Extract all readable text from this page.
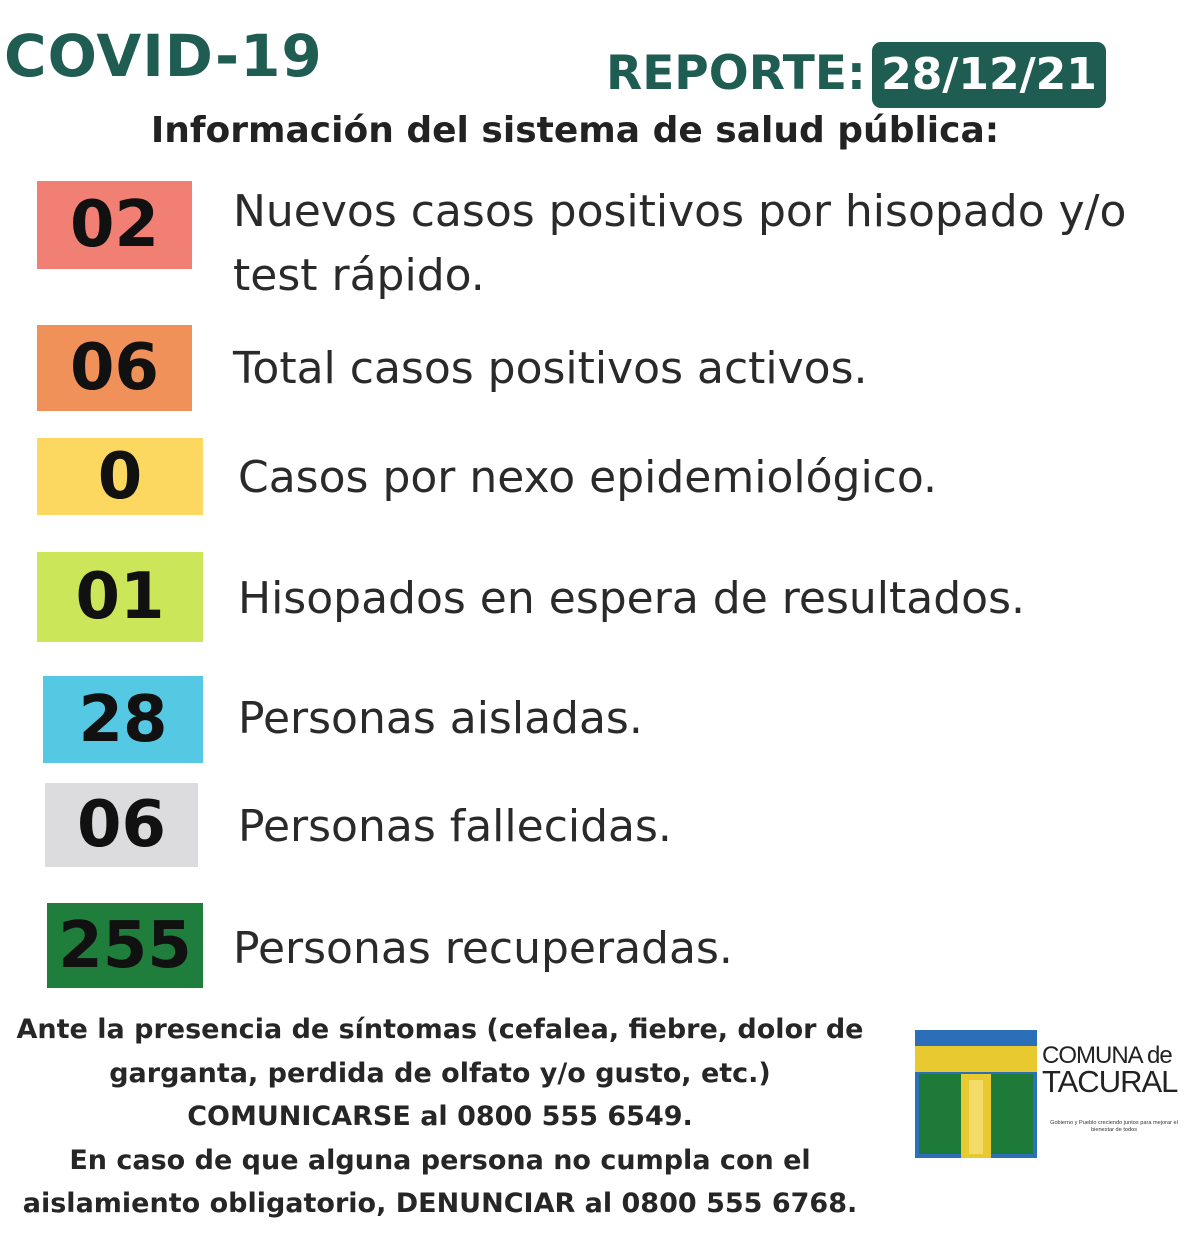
COVID-19	REPORTE: 28/12/21
Información del sistema de salud pública:
02	Nuevos casos positivos por hisopado y/o test rápido.
06	Total casos positivos activos.
0	Casos por nexo epidemiológico.
01	Hisopados en espera de resultados.
28	Personas aisladas.
06	Personas fallecidas.
255 Personas recuperadas.
Ante la presencia de síntomas (cefalea, fiebre, dolor de
garganta, perdida de olfato y/o gusto, etc.)
COMUNICARSE al 0800 555 6549.
En caso de que alguna persona no cumpla con el
aislamiento obligatorio, DENUNCIAR al 0800 555 6768.
COMUNA de
TACURAL
Gobierno y Pueblo creciendo juntos para mejorar el bienestar de todos
